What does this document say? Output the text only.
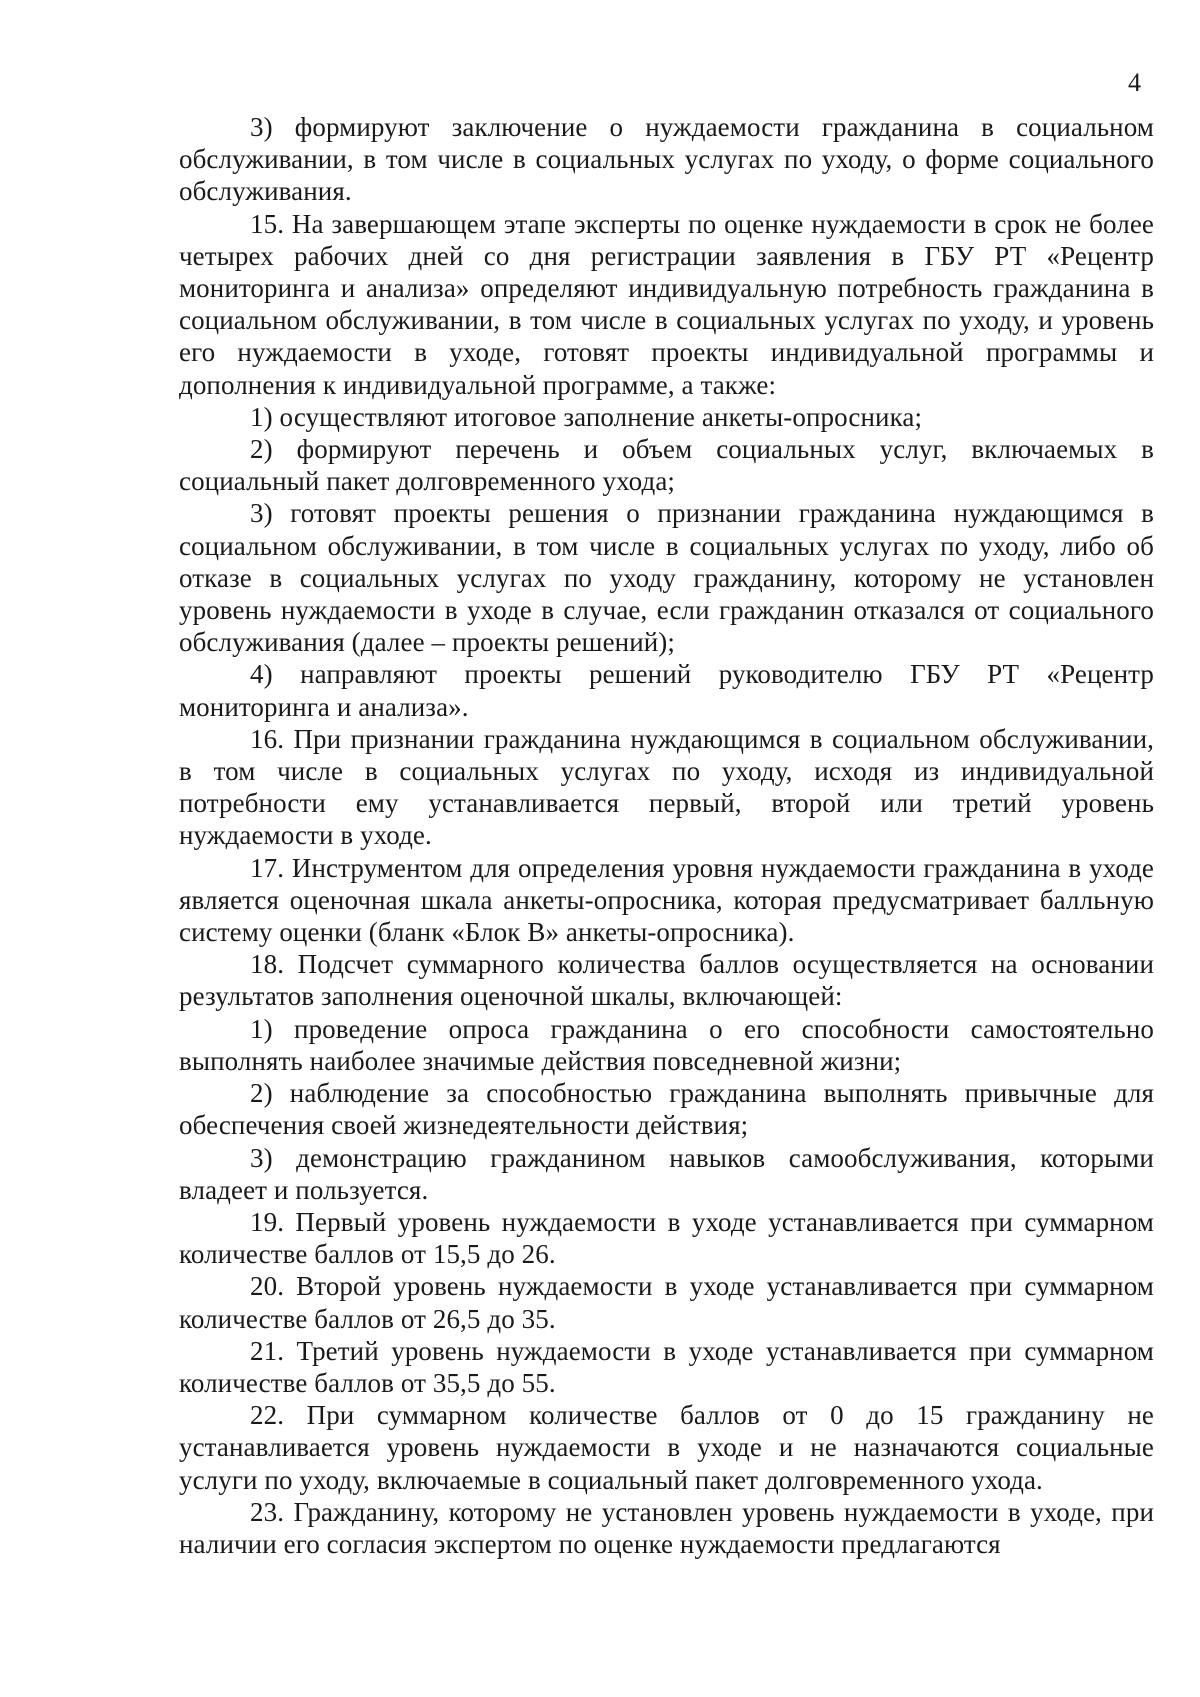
4

3) формируют заключение о нуждаемости гражданина в социальном обслуживании, в том числе в социальных услугах по уходу, о форме социального обслуживания.

15. На завершающем этапе эксперты по оценке нуждаемости в срок не более четырех рабочих дней со дня регистрации заявления в ГБУ РТ «Рецентр мониторинга и анализа» определяют индивидуальную потребность гражданина в социальном обслуживании, в том числе в социальных услугах по уходу, и уровень его нуждаемости в уходе, готовят проекты индивидуальной программы и дополнения к индивидуальной программе, а также:

1) осуществляют итоговое заполнение анкеты-опросника;

2) формируют перечень и объем социальных услуг, включаемых в социальный пакет долговременного ухода;

3) готовят проекты решения о признании гражданина нуждающимся в социальном обслуживании, в том числе в социальных услугах по уходу, либо об отказе в социальных услугах по уходу гражданину, которому не установлен уровень нуждаемости в уходе в случае, если гражданин отказался от социального обслуживания (далее – проекты решений);

4) направляют проекты решений руководителю ГБУ РТ «Рецентр мониторинга и анализа».

16. При признании гражданина нуждающимся в социальном обслуживании, в том числе в социальных услугах по уходу, исходя из индивидуальной потребности ему устанавливается первый, второй или третий уровень нуждаемости в уходе.

17. Инструментом для определения уровня нуждаемости гражданина в уходе является оценочная шкала анкеты-опросника, которая предусматривает балльную систему оценки (бланк «Блок В» анкеты-опросника).

18. Подсчет суммарного количества баллов осуществляется на основании результатов заполнения оценочной шкалы, включающей:

1) проведение опроса гражданина о его способности самостоятельно выполнять наиболее значимые действия повседневной жизни;

2) наблюдение за способностью гражданина выполнять привычные для обеспечения своей жизнедеятельности действия;

3) демонстрацию гражданином навыков самообслуживания, которыми владеет и пользуется.

19. Первый уровень нуждаемости в уходе устанавливается при суммарном количестве баллов от 15,5 до 26.

20. Второй уровень нуждаемости в уходе устанавливается при суммарном количестве баллов от 26,5 до 35.

21. Третий уровень нуждаемости в уходе устанавливается при суммарном количестве баллов от 35,5 до 55.

22. При суммарном количестве баллов от 0 до 15 гражданину не устанавливается уровень нуждаемости в уходе и не назначаются социальные услуги по уходу, включаемые в социальный пакет долговременного ухода.

23. Гражданину, которому не установлен уровень нуждаемости в уходе, при наличии его согласия экспертом по оценке нуждаемости предлагаются
